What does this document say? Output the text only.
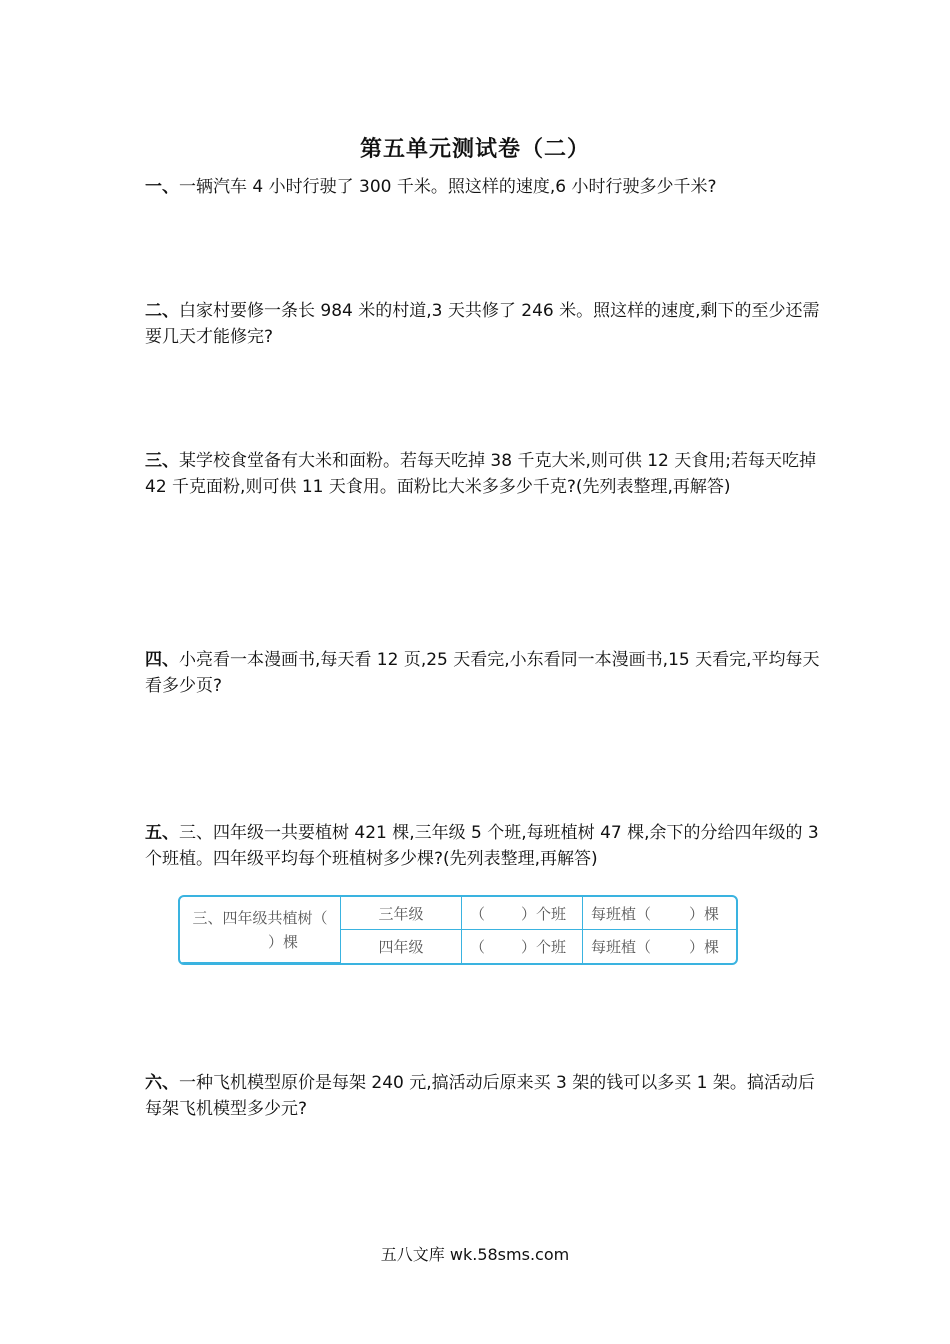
第五单元测试卷（二）
一、一辆汽车 4 小时行驶了 300 千米。照这样的速度,6 小时行驶多少千米?
二、白家村要修一条长 984 米的村道,3 天共修了 246 米。照这样的速度,剩下的至少还需要几天才能修完?
三、某学校食堂备有大米和面粉。若每天吃掉 38 千克大米,则可供 12 天食用;若每天吃掉 42 千克面粉,则可供 11 天食用。面粉比大米多多少千克?(先列表整理,再解答)
四、小亮看一本漫画书,每天看 12 页,25 天看完,小东看同一本漫画书,15 天看完,平均每天看多少页?
五、三、四年级一共要植树 421 棵,三年级 5 个班,每班植树 47 棵,余下的分给四年级的 3 个班植。四年级平均每个班植树多少棵?(先列表整理,再解答)
三、四年级共植树（）棵	三年级	（ ）个班	每班植（ ）棵
	四年级	（ ）个班	每班植（ ）棵
六、一种飞机模型原价是每架 240 元,搞活动后原来买 3 架的钱可以多买 1 架。搞活动后每架飞机模型多少元?
五八文库 wk.58sms.com
